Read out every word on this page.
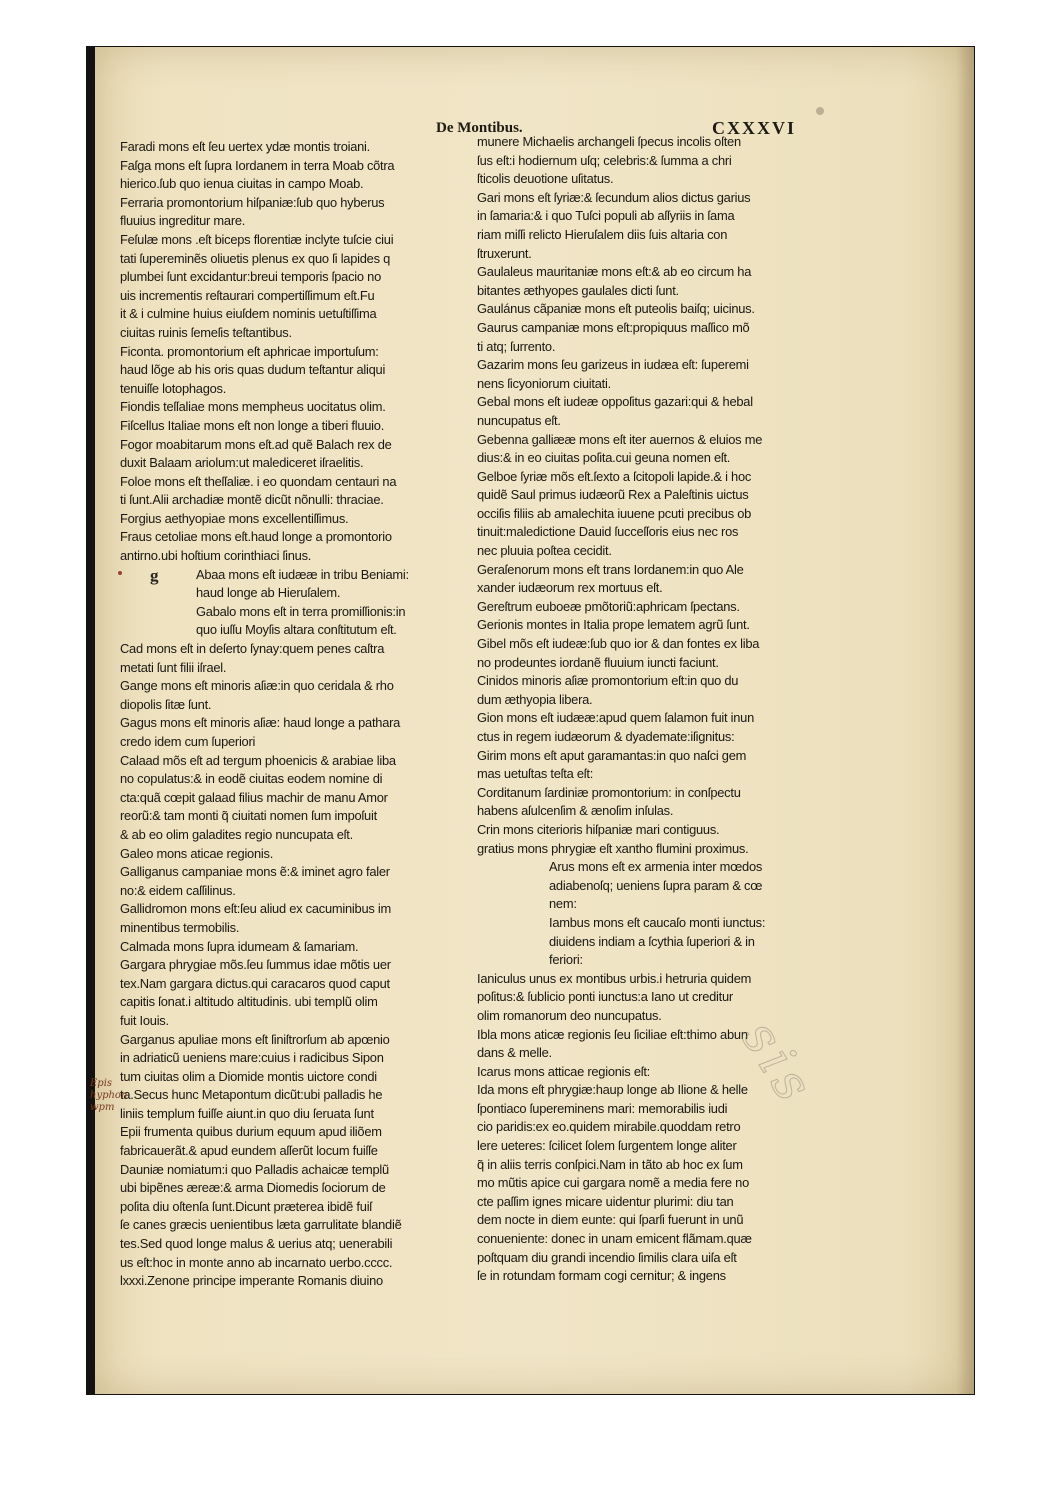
De Montibus.	CXXXVI
Faradi mons eſt ſeu uertex ydæ montis troiani.
Faſga mons eſt ſupra Iordanem in terra Moab cõtra
hierico.ſub quo ienua ciuitas in campo Moab.
Ferraria promontorium hiſpaniæ:ſub quo hyberus
fluuius ingreditur mare.
Feſulæ mons .eſt biceps florentiæ inclyte tuſcie ciui
tati ſupereminẽs oliuetis plenus ex quo ſi lapides q
plumbei ſunt excidantur:breui temporis ſpacio no
uis incrementis reſtaurari compertiſſimum eſt.Fu
it & i culmine huius eiuſdem nominis uetuſtiſſima
ciuitas ruinis ſemeſis teſtantibus.
Ficonta. promontorium eſt aphricae importuſum:
haud lõge ab his oris quas dudum teſtantur aliqui
tenuiſſe lotophagos.
Fiondis teſſaliae mons mempheus uocitatus olim.
Fiſcellus Italiae mons eſt non longe a tiberi fluuio.
Fogor moabitarum mons eſt.ad quẽ Balach rex de
duxit Balaam ariolum:ut malediceret iſraelitis.
Foloe mons eſt theſſaliæ. i eo quondam centauri na
ti ſunt.Alii archadiæ montẽ dicũt nõnulli: thraciae.
Forgius aethyopiae mons excellentiſſimus.
Fraus cetoliae mons eſt.haud longe a promontorio
antirno.ubi hoſtium corinthiaci ſinus.
Abaa mons eſt iudææ in tribu Beniami:
haud longe ab Hieruſalem.
Gabalo mons eſt in terra promiſſionis:in
quo iuſſu Moyſis altara conſtitutum eſt.
Cad mons eſt in deſerto ſynay:quem penes caſtra
metati ſunt filii iſrael.
Gange mons eſt minoris aſiæ:in quo ceridala & rho
diopolis ſitæ ſunt.
Gagus mons eſt minoris aſiæ: haud longe a pathara
credo idem cum ſuperiori
Calaad mõs eſt ad tergum phoenicis & arabiae liba
no copulatus:& in eodẽ ciuitas eodem nomine di
cta:quã cœpit galaad filius machir de manu Amor
reorũ:& tam monti q̃ ciuitati nomen ſum impoſuit
& ab eo olim galadites regio nuncupata eſt.
Galeo mons aticae regionis.
Galliganus campaniae mons ẽ:& iminet agro faler
no:& eidem caſſilinus.
Gallidromon mons eſt:ſeu aliud ex cacuminibus im
minentibus termobilis.
Calmada mons ſupra idumeam & ſamariam.
Gargara phrygiae mõs.ſeu ſummus idae mõtis uer
tex.Nam gargara dictus.qui caracaros quod caput
capitis ſonat.i altitudo altitudinis. ubi templũ olim
fuit Iouis.
Garganus apuliae mons eſt ſiniſtrorſum ab apœnio
in adriaticũ ueniens mare:cuius i radicibus Sipon
tum ciuitas olim a Diomide montis uictore condi
ta.Secus hunc Metapontum dicũt:ubi palladis he
liniis templum fuiſſe aiunt.in quo diu ſeruata ſunt
Epii frumenta quibus durium equum apud iliõem
fabricauerãt.& apud eundem aſſerũt locum fuiſſe
Dauniæ nomiatum:i quo Palladis achaicæ templũ
ubi bipẽnes æreæ:& arma Diomedis ſociorum de
poſita diu oſtenſa ſunt.Dicunt præterea ibidẽ fuiſ
ſe canes græcis uenientibus læta garrulitate blandiẽ
tes.Sed quod longe malus & uerius atq; uenerabili
us eſt:hoc in monte anno ab incarnato uerbo.cccc.
lxxxi.Zenone principe imperante Romanis diuino
munere Michaelis archangeli ſpecus incolis oſten
ſus eſt:i hodiernum uſq; celebris:& ſumma a chri
ſticolis deuotione uſitatus.
Gari mons eſt ſyriæ:& ſecundum alios dictus garius
in ſamaria:& i quo Tuſci populi ab aſſyriis in ſama
riam miſſi relicto Hieruſalem diis ſuis altaria con
ſtruxerunt.
Gaulaleus mauritaniæ mons eſt:& ab eo circum ha
bitantes æthyopes gaulales dicti ſunt.
Gaulánus cãpaniæ mons eſt puteolis baiſq; uicinus.
Gaurus campaniæ mons eſt:propiquus maſſico mõ
ti atq; ſurrento.
Gazarim mons ſeu garizeus in iudæa eſt: ſuperemi
nens ſicyoniorum ciuitati.
Gebal mons eſt iudeæ oppoſitus gazari:qui & hebal
nuncupatus eſt.
Gebenna galliææ mons eſt iter auernos & eluios me
dius:& in eo ciuitas poſita.cui geuna nomen eſt.
Gelboe ſyriæ mõs eſt.ſexto a ſcitopoli lapide.& i hoc
quidẽ Saul primus iudæorũ Rex a Paleſtinis uictus
occiſis filiis ab amalechita iuuene pcuti precibus ob
tinuit:maledictione Dauid ſucceſſoris eius nec ros
nec pluuia poſtea cecidit.
Geraſenorum mons eſt trans Iordanem:in quo Ale
xander iudæorum rex mortuus eſt.
Gereſtrum euboeæ pmõtoriũ:aphricam ſpectans.
Gerionis montes in Italia prope lematem agrũ ſunt.
Gibel mõs eſt iudeæ:ſub quo ior & dan fontes ex liba
no prodeuntes iordanẽ fluuium iuncti faciunt.
Cinidos minoris aſiæ promontorium eſt:in quo du
dum æthyopia libera.
Gion mons eſt iudææ:apud quem ſalamon fuit inun
ctus in regem iudæorum & dyademate:iſignitus:
Girim mons eſt aput garamantas:in quo naſci gem
mas uetuſtas teſta eſt:
Corditanum ſardiniæ promontorium: in conſpectu
habens aſulcenſim & ænoſim inſulas.
Crin mons citerioris hiſpaniæ mari contiguus.
gratius mons phrygiæ eſt xantho flumini proximus.
Arus mons eſt ex armenia inter mœdos
adiabenoſq; ueniens ſupra param & cœ
nem:
Iambus mons eſt caucaſo monti iunctus:
diuidens indiam a ſcythia ſuperiori & in
feriori:
Ianiculus unus ex montibus urbis.i hetruria quidem
poſitus:& ſublicio ponti iunctus:a Iano ut creditur
olim romanorum deo nuncupatus.
Ibla mons aticæ regionis ſeu ſiciliae eſt:thimo abun
dans & melle.
Icarus mons atticae regionis eſt:
Ida mons eſt phrygiæ:haup longe ab Ilione & helle
ſpontiaco ſupereminens mari: memorabilis iudi
cio paridis:ex eo.quidem mirabile.quoddam retro
lere ueteres: ſcilicet ſolem ſurgentem longe aliter
q̃ in aliis terris conſpici.Nam in tãto ab hoc ex ſum
mo mũtis apice cui gargara nomẽ a media fere no
cte paſſim ignes micare uidentur plurimi: diu tan
dem nocte in diem eunte: qui ſparſi fuerunt in unũ
conueniente: donec in unam emicent flãmam.quæ
poſtquam diu grandi incendio ſimilis clara uiſa eſt
ſe in rotundam formam cogi cernitur; & ingens
g
Epis hyphon wpm	sis
